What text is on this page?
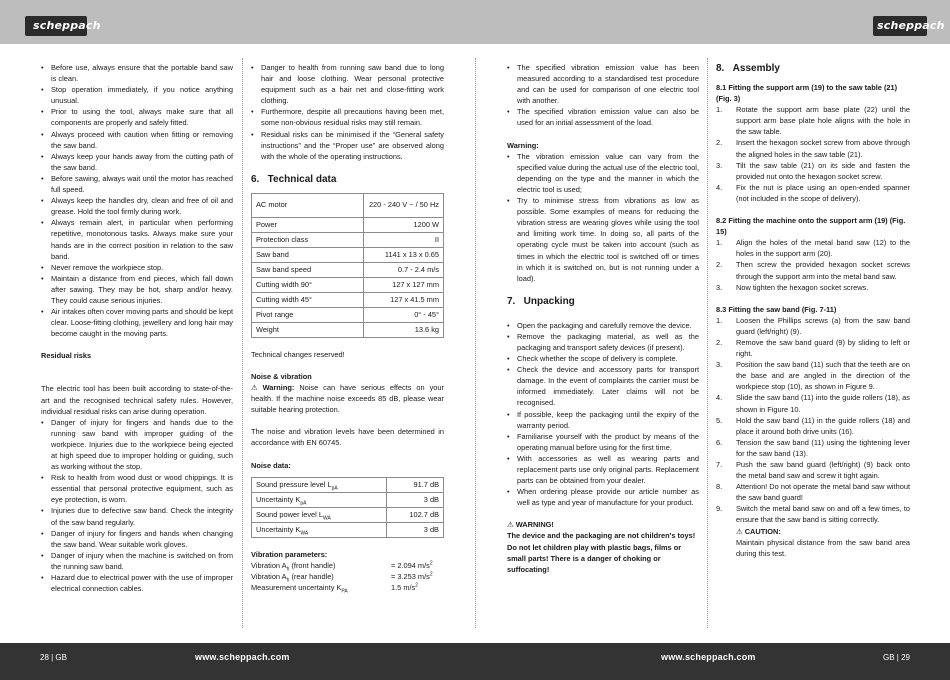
scheppach	scheppach
• Before use, always ensure that the portable band saw is clean.
• Stop operation immediately, if you notice anything unusual.
• Prior to using the tool, always make sure that all components are properly and safely fitted.
• Always proceed with caution when fitting or removing the saw band.
• Always keep your hands away from the cutting path of the saw band.
• Before sawing, always wait until the motor has reached full speed.
• Always keep the handles dry, clean and free of oil and grease. Hold the tool firmly during work.
• Always remain alert, in particular when performing repetitive, monotonous tasks. Always make sure your hands are in the correct position in relation to the saw band.
• Never remove the workpiece stop.
• Maintain a distance from end pieces, which fall down after sawing. They may be hot, sharp and/or heavy. They could cause serious injuries.
• Air intakes often cover moving parts and should be kept clear. Loose-fitting clothing, jewellery and long hair may become caught in the moving parts.
Residual risks

The electric tool has been built according to state-of-the-art and the recognised technical safety rules. However, individual residual risks can arise during operation.

• Danger of injury for fingers and hands due to the running saw band with improper guiding of the workpiece. Injuries due to the workpiece being ejected at high speed due to improper holding or guiding, such as working without the stop.
• Risk to health from wood dust or wood chippings. It is essential that personal protective equipment, such as eye protection, is worn.
• Injuries due to defective saw band. Check the integrity of the saw band regularly.
• Danger of injury for fingers and hands when changing the saw band. Wear suitable work gloves.
• Danger of injury when the machine is switched on from the running saw band.
• Hazard due to electrical power with the use of improper electrical connection cables.
• Danger to health from running saw band due to long hair and loose clothing. Wear personal protective equipment such as a hair net and close-fitting work clothing.
• Furthermore, despite all precautions having been met, some non-obvious residual risks may still remain.
• Residual risks can be minimised if the “General safety instructions” and the “Proper use” are observed along with the whole of the operating instructions.
6.   Technical data
AC motor	220 - 240 V ~ / 50 Hz
Power	1200 W
Protection class	II
Saw band	1141 x 13 x 0.65
Saw band speed	0.7 - 2.4 m/s
Cutting width 90°	127 x 127 mm
Cutting width 45°	127 x 41.5 mm
Pivot range	0° - 45°
Weight	13.6 kg
Technical changes reserved!
Noise & vibration

⚠ Warning: Noise can have serious effects on your health. If the machine noise exceeds 85 dB, please wear suitable hearing protection.

The noise and vibration levels have been determined in accordance with EN 60745.

Noise data:
Sound pressure level $L_{pA}$	91.7 dB
Uncertainty $K_{pA}$	3 dB
Sound power level $L_{WA}$	102.7 dB
Uncertainty $K_{WA}$	3 dB
Vibration parameters:
Vibration $A_h$ (front handle)	= 2.094 $m/s^2$
Vibration $A_h$ (rear handle)	= 3.253 $m/s^2$
Measurement uncertainty $K_{PA}$	1.5 $m/s^2$
• The specified vibration emission value has been measured according to a standardised test procedure and can be used for comparison of one electric tool with another.
• The specified vibration emission value can also be used for an initial assessment of the load.
Warning:
• The vibration emission value can vary from the specified value during the actual use of the electric tool, depending on the type and the manner in which the electric tool is used;
• Try to minimise stress from vibrations as low as possible. Some examples of means for reducing the vibration stress are wearing gloves while using the tool and limiting work time. In doing so, all parts of the operating cycle must be taken into account (such as times in which the electric tool is switched off or times in which it is switched on, but is not running under a load).
7.   Unpacking
• Open the packaging and carefully remove the device.
• Remove the packaging material, as well as the packaging and transport safety devices (if present).
• Check whether the scope of delivery is complete.
• Check the device and accessory parts for transport damage. In the event of complaints the carrier must be informed immediately. Later claims will not be recognised.
• If possible, keep the packaging until the expiry of the warranty period.
• Familiarise yourself with the product by means of the operating manual before using for the first time.
• With accessories as well as wearing parts and replacement parts use only original parts. Replacement parts can be obtained from your dealer.
• When ordering please provide our article number as well as type and year of manufacture for your product.
⚠ WARNING!

The device and the packaging are not children's toys! Do not let children play with plastic bags, films or small parts! There is a danger of choking or suffocating!

8.   Assembly
8.1 Fitting the support arm (19) to the saw table (21) (Fig. 3)
1. Rotate the support arm base plate (22) until the support arm base plate hole aligns with the hole in the saw table.
2. Insert the hexagon socket screw from above through the aligned holes in the saw table (21).
3. Tilt the saw table (21) on its side and fasten the provided nut onto the hexagon socket screw.
4. Fix the nut is place using an open-ended spanner (not included in the scope of delivery).
8.2 Fitting the machine onto the support arm (19) (Fig. 15)
1. Align the holes of the metal band saw (12) to the holes in the support arm (20).
2. Then screw the provided hexagon socket screws through the support arm into the metal band saw.
3. Now tighten the hexagon socket screws.
8.3 Fitting the saw band (Fig. 7-11)
1. Loosen the Phillips screws (a) from the saw band guard (left/right) (9).
2. Remove the saw band guard (9) by sliding to left or right.
3. Position the saw band (11) such that the teeth are on the base and are angled in the direction of the workpiece stop (10), as shown in Figure 9.
4. Slide the saw band (11) into the guide rollers (18), as shown in Figure 10.
5. Hold the saw band (11) in the guide rollers (18) and place it around both drive units (16).
6. Tension the saw band (11) using the tightening lever for the saw band (13).
7. Push the saw band guard (left/right) (9) back onto the metal band saw and screw it tight again.
8. Attention! Do not operate the metal band saw without the saw band guard!
9. Switch the metal band saw on and off a few times, to ensure that the saw band is sitting correctly.
⚠ CAUTION:

Maintain physical distance from the saw band area during this test.

28 | GB	www.scheppach.com	www.scheppach.com	GB | 29
